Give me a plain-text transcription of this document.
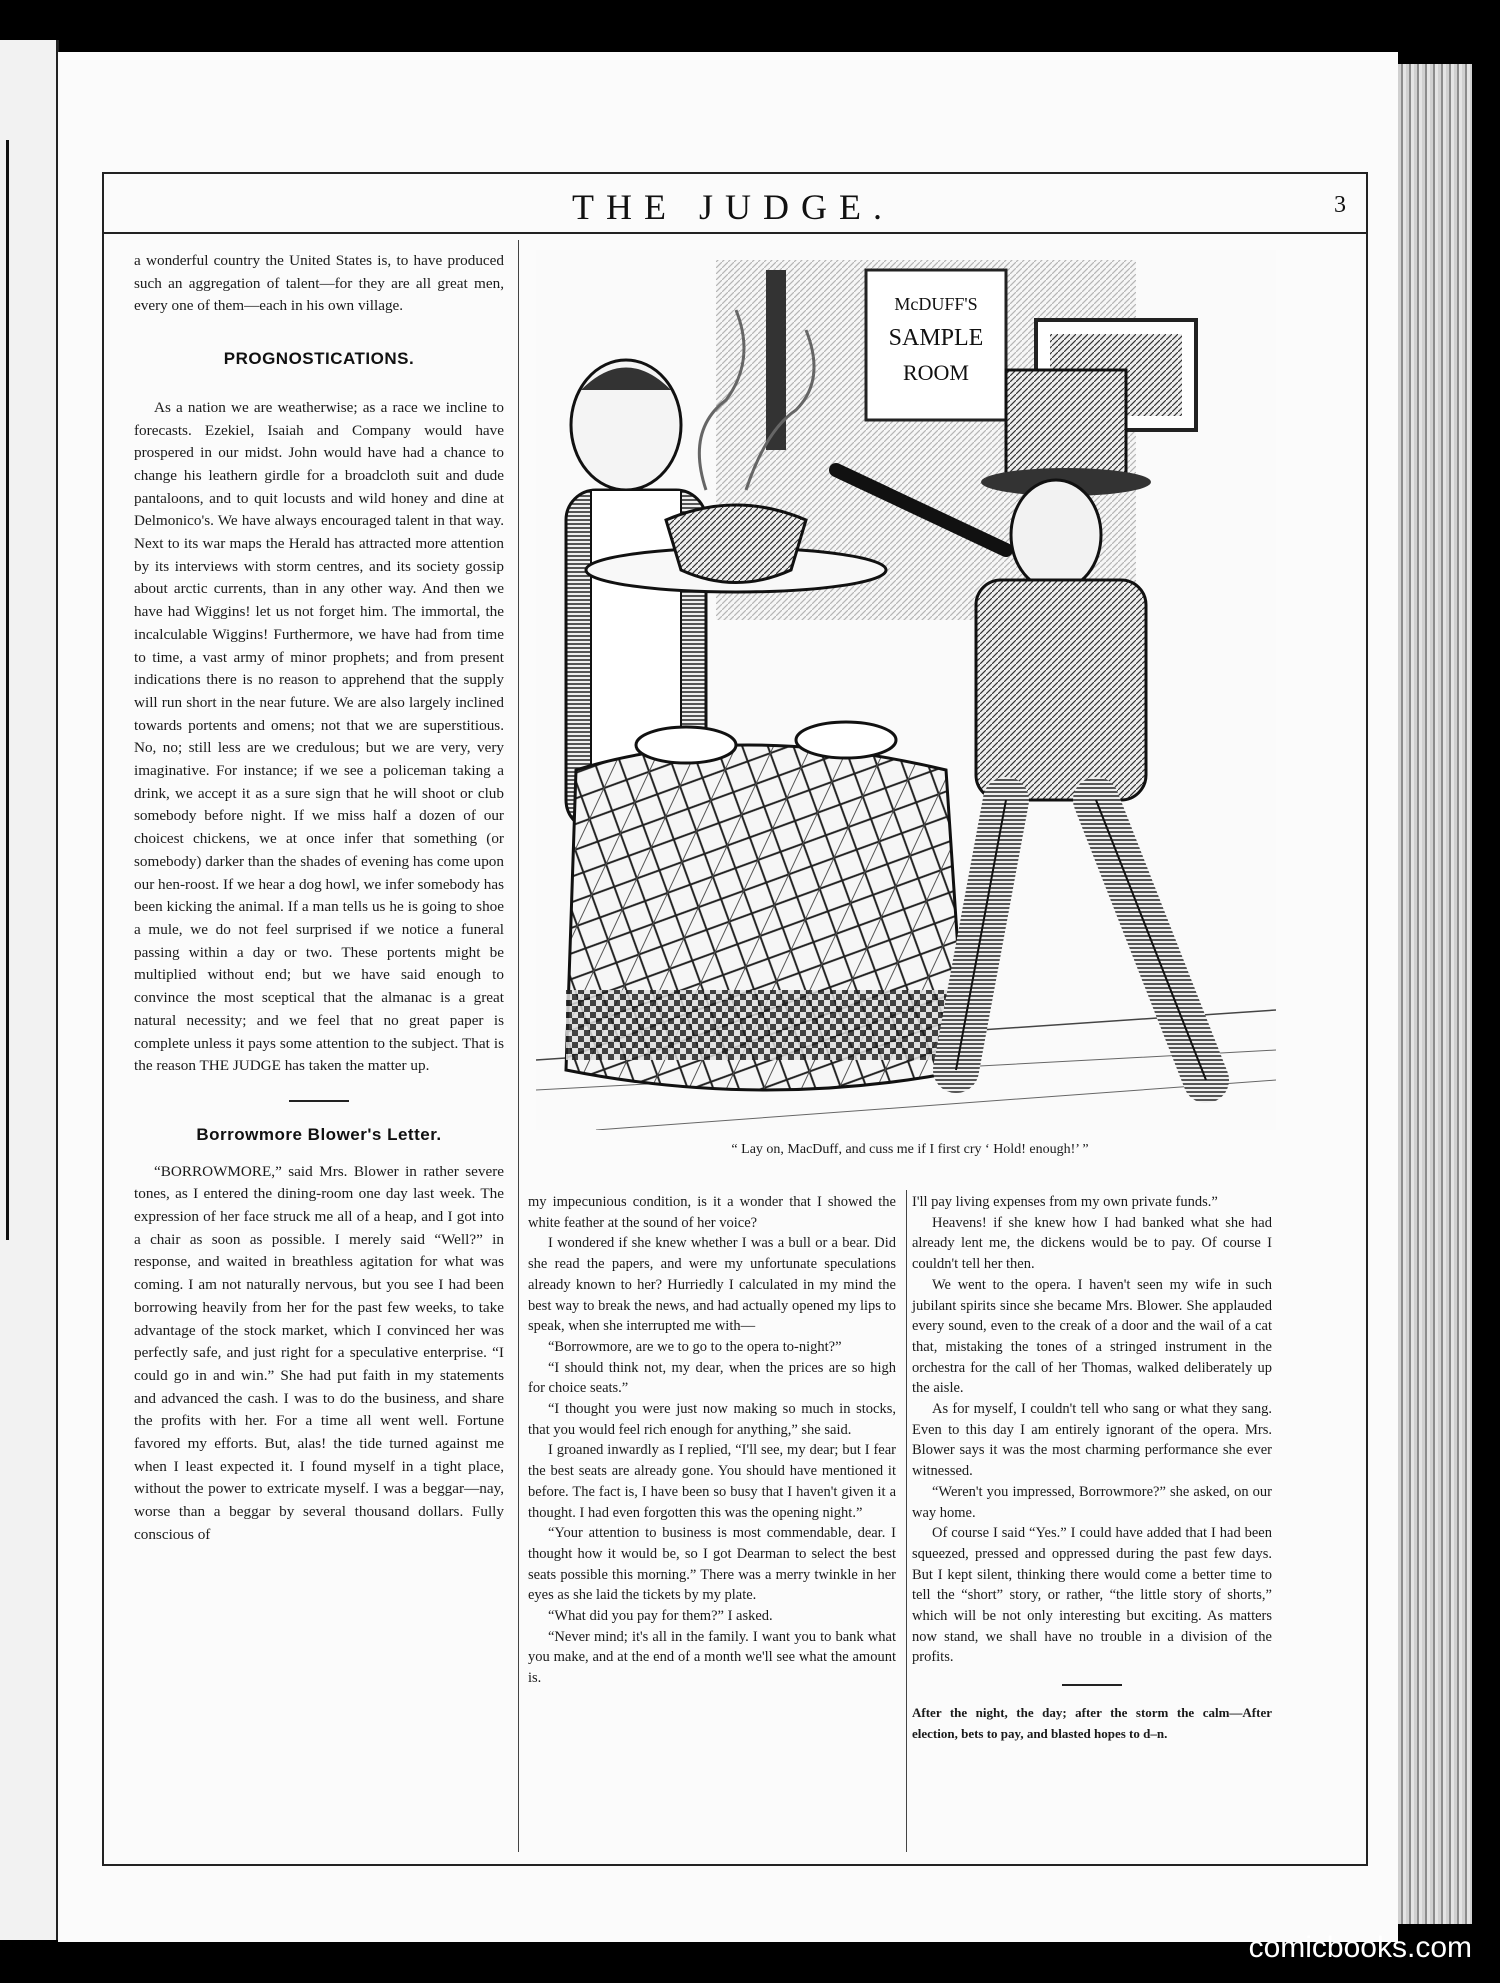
THE JUDGE.	3

a wonderful country the United States is, to have produced such an aggregation of talent—for they are all great men, every one of them—each in his own village.

PROGNOSTICATIONS.

As a nation we are weatherwise; as a race we incline to forecasts. Ezekiel, Isaiah and Company would have prospered in our midst. John would have had a chance to change his leathern girdle for a broadcloth suit and dude pantaloons, and to quit locusts and wild honey and dine at Delmonico's. We have always encouraged talent in that way. Next to its war maps the Herald has attracted more attention by its interviews with storm centres, and its society gossip about arctic currents, than in any other way. And then we have had Wiggins! let us not forget him. The immortal, the incalculable Wiggins! Furthermore, we have had from time to time, a vast army of minor prophets; and from present indications there is no reason to apprehend that the supply will run short in the near future. We are also largely inclined towards portents and omens; not that we are superstitious. No, no; still less are we credulous; but we are very, very imaginative. For instance; if we see a policeman taking a drink, we accept it as a sure sign that he will shoot or club somebody before night. If we miss half a dozen of our choicest chickens, we at once infer that something (or somebody) darker than the shades of evening has come upon our hen-roost. If we hear a dog howl, we infer somebody has been kicking the animal. If a man tells us he is going to shoe a mule, we do not feel surprised if we notice a funeral passing within a day or two. These portents might be multiplied without end; but we have said enough to convince the most sceptical that the almanac is a great natural necessity; and we feel that no great paper is complete unless it pays some attention to the subject. That is the reason THE JUDGE has taken the matter up.

Borrowmore Blower's Letter.

“BORROWMORE,” said Mrs. Blower in rather severe tones, as I entered the dining-room one day last week. The expression of her face struck me all of a heap, and I got into a chair as soon as possible. I merely said “Well?” in response, and waited in breathless agitation for what was coming. I am not naturally nervous, but you see I had been borrowing heavily from her for the past few weeks, to take advantage of the stock market, which I convinced her was perfectly safe, and just right for a speculative enterprise. “I could go in and win.” She had put faith in my statements and advanced the cash. I was to do the business, and share the profits with her. For a time all went well. Fortune favored my efforts. But, alas! the tide turned against me when I least expected it. I found myself in a tight place, without the power to extricate myself. I was a beggar—nay, worse than a beggar by several thousand dollars. Fully conscious of

McDUFF'S
SAMPLE
ROOM
“ Lay on, MacDuff, and cuss me if I first cry ‘ Hold! enough!’ ”

my impecunious condition, is it a wonder that I showed the white feather at the sound of her voice?

I wondered if she knew whether I was a bull or a bear. Did she read the papers, and were my unfortunate speculations already known to her? Hurriedly I calculated in my mind the best way to break the news, and had actually opened my lips to speak, when she interrupted me with—

“Borrowmore, are we to go to the opera to-night?”

“I should think not, my dear, when the prices are so high for choice seats.”

“I thought you were just now making so much in stocks, that you would feel rich enough for anything,” she said.

I groaned inwardly as I replied, “I'll see, my dear; but I fear the best seats are already gone. You should have mentioned it before. The fact is, I have been so busy that I haven't given it a thought. I had even forgotten this was the opening night.”

“Your attention to business is most commendable, dear. I thought how it would be, so I got Dearman to select the best seats possible this morning.” There was a merry twinkle in her eyes as she laid the tickets by my plate.

“What did you pay for them?” I asked.

“Never mind; it's all in the family. I want you to bank what you make, and at the end of a month we'll see what the amount is.

I'll pay living expenses from my own private funds.”

Heavens! if she knew how I had banked what she had already lent me, the dickens would be to pay. Of course I couldn't tell her then.

We went to the opera. I haven't seen my wife in such jubilant spirits since she became Mrs. Blower. She applauded every sound, even to the creak of a door and the wail of a cat that, mistaking the tones of a stringed instrument in the orchestra for the call of her Thomas, walked deliberately up the aisle.

As for myself, I couldn't tell who sang or what they sang. Even to this day I am entirely ignorant of the opera. Mrs. Blower says it was the most charming performance she ever witnessed.

“Weren't you impressed, Borrowmore?” she asked, on our way home.

Of course I said “Yes.” I could have added that I had been squeezed, pressed and oppressed during the past few days. But I kept silent, thinking there would come a better time to tell the “short” story, or rather, “the little story of shorts,” which will be not only interesting but exciting. As matters now stand, we shall have no trouble in a division of the profits.

After the night, the day; after the storm the calm—After election, bets to pay, and blasted hopes to d–n.
comicbooks.com
